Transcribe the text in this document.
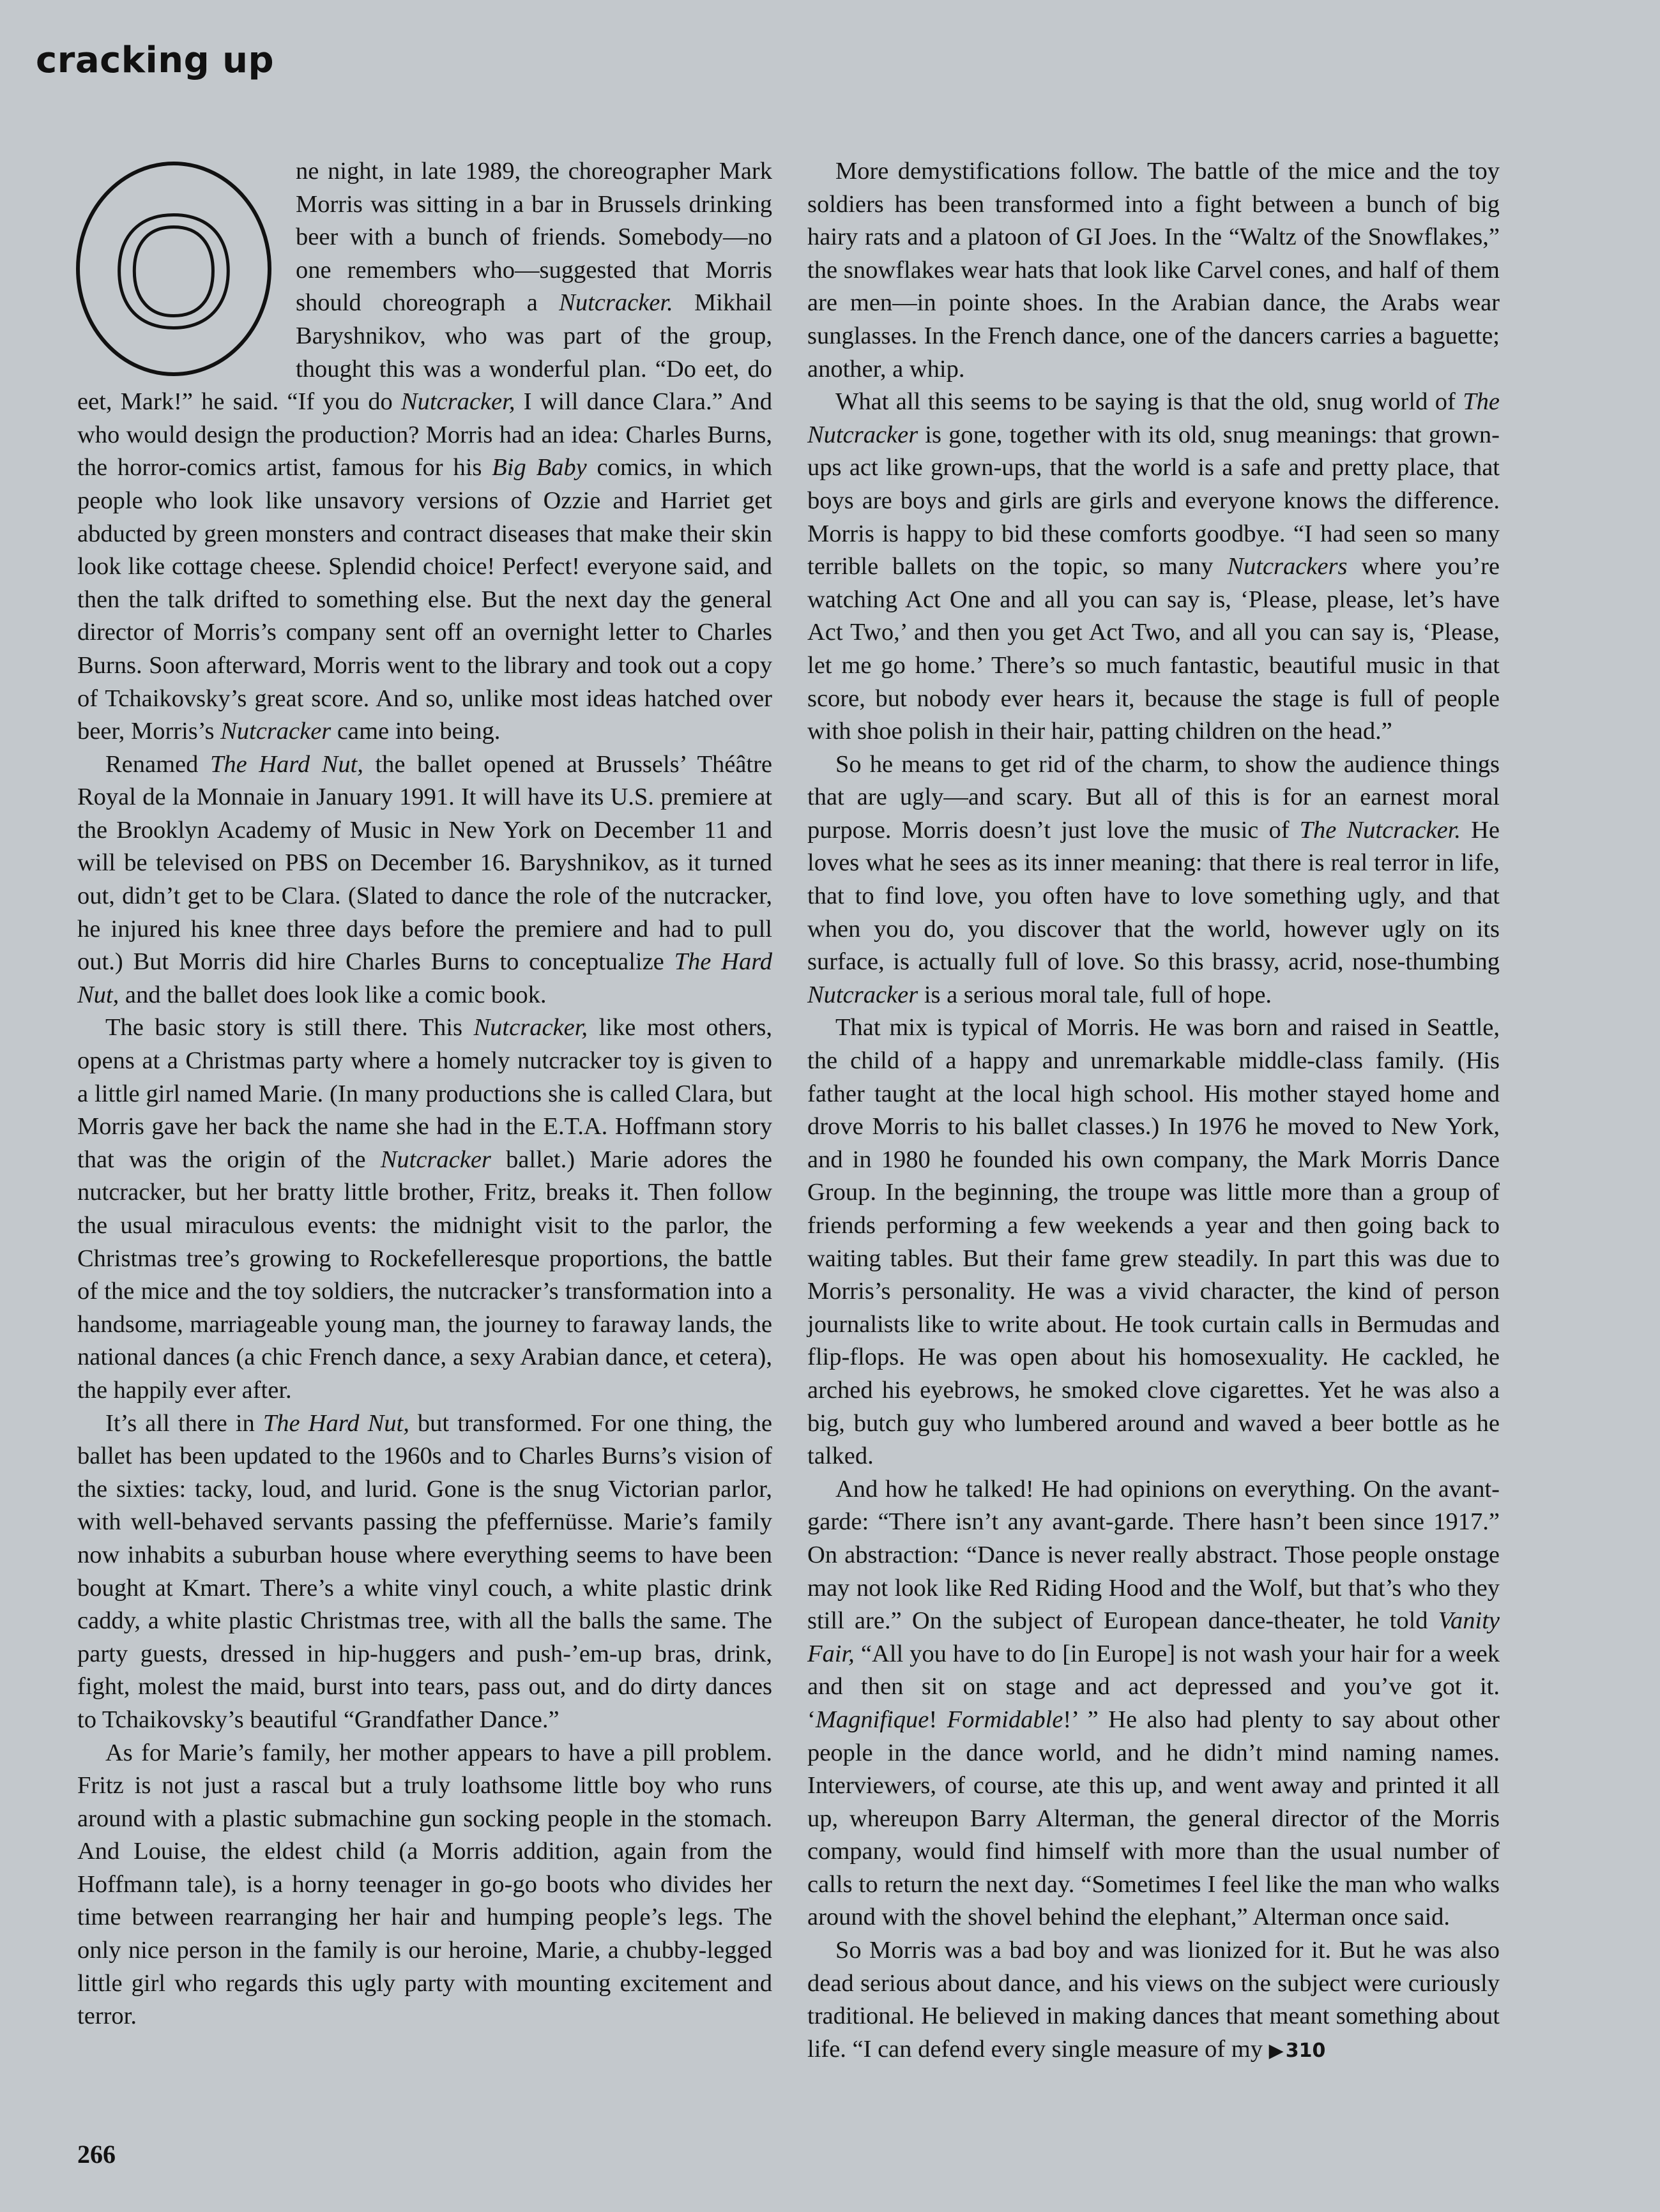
cracking up

O
ne night, in late 1989, the choreographer Mark Morris was sitting in a bar in Brussels drinking beer with a bunch of friends. Somebody—no one remembers who—suggested that Morris should choreograph a Nutcracker. Mikhail Baryshnikov, who was part of the group, thought this was a wonderful plan. “Do eet, do eet, Mark!” he said. “If you do Nutcracker, I will dance Clara.” And who would design the production? Morris had an idea: Charles Burns, the horror-comics artist, famous for his Big Baby comics, in which people who look like unsavory versions of Ozzie and Harriet get abducted by green monsters and contract diseases that make their skin look like cottage cheese. Splendid choice! Perfect! everyone said, and then the talk drifted to something else. But the next day the general director of Morris’s company sent off an overnight letter to Charles Burns. Soon afterward, Morris went to the library and took out a copy of Tchaikovsky’s great score. And so, unlike most ideas hatched over beer, Morris’s Nutcracker came into being.

Renamed The Hard Nut, the ballet opened at Brussels’ Théâtre Royal de la Monnaie in January 1991. It will have its U.S. premiere at the Brooklyn Academy of Music in New York on December 11 and will be televised on PBS on December 16. Baryshnikov, as it turned out, didn’t get to be Clara. (Slated to dance the role of the nutcracker, he injured his knee three days before the premiere and had to pull out.) But Morris did hire Charles Burns to conceptualize The Hard Nut, and the ballet does look like a comic book.

The basic story is still there. This Nutcracker, like most others, opens at a Christmas party where a homely nutcracker toy is given to a little girl named Marie. (In many productions she is called Clara, but Morris gave her back the name she had in the E.T.A. Hoffmann story that was the origin of the Nutcracker ballet.) Marie adores the nutcracker, but her bratty little brother, Fritz, breaks it. Then follow the usual miraculous events: the midnight visit to the parlor, the Christmas tree’s growing to Rockefelleresque proportions, the battle of the mice and the toy soldiers, the nutcracker’s transformation into a handsome, marriageable young man, the journey to faraway lands, the national dances (a chic French dance, a sexy Arabian dance, et cetera), the happily ever after.

It’s all there in The Hard Nut, but transformed. For one thing, the ballet has been updated to the 1960s and to Charles Burns’s vision of the sixties: tacky, loud, and lurid. Gone is the snug Victorian parlor, with well-behaved servants passing the pfeffernüsse. Marie’s family now inhabits a suburban house where everything seems to have been bought at Kmart. There’s a white vinyl couch, a white plastic drink caddy, a white plastic Christmas tree, with all the balls the same. The party guests, dressed in hip-huggers and push-’em-up bras, drink, fight, molest the maid, burst into tears, pass out, and do dirty dances to Tchaikovsky’s beautiful “Grandfather Dance.”

As for Marie’s family, her mother appears to have a pill problem. Fritz is not just a rascal but a truly loathsome little boy who runs around with a plastic submachine gun socking people in the stomach. And Louise, the eldest child (a Morris addition, again from the Hoffmann tale), is a horny teenager in go-go boots who divides her time between rearranging her hair and humping people’s legs. The only nice person in the family is our heroine, Marie, a chubby-legged little girl who regards this ugly party with mounting excitement and terror.

More demystifications follow. The battle of the mice and the toy soldiers has been transformed into a fight between a bunch of big hairy rats and a platoon of GI Joes. In the “Waltz of the Snowflakes,” the snowflakes wear hats that look like Carvel cones, and half of them are men—in pointe shoes. In the Arabian dance, the Arabs wear sunglasses. In the French dance, one of the dancers carries a baguette; another, a whip.

What all this seems to be saying is that the old, snug world of The Nutcracker is gone, together with its old, snug meanings: that grown-ups act like grown-ups, that the world is a safe and pretty place, that boys are boys and girls are girls and everyone knows the difference. Morris is happy to bid these comforts goodbye. “I had seen so many terrible ballets on the topic, so many Nutcrackers where you’re watching Act One and all you can say is, ‘Please, please, let’s have Act Two,’ and then you get Act Two, and all you can say is, ‘Please, let me go home.’ There’s so much fantastic, beautiful music in that score, but nobody ever hears it, because the stage is full of people with shoe polish in their hair, patting children on the head.”

So he means to get rid of the charm, to show the audience things that are ugly—and scary. But all of this is for an earnest moral purpose. Morris doesn’t just love the music of The Nutcracker. He loves what he sees as its inner meaning: that there is real terror in life, that to find love, you often have to love something ugly, and that when you do, you discover that the world, however ugly on its surface, is actually full of love. So this brassy, acrid, nose-thumbing Nutcracker is a serious moral tale, full of hope.

That mix is typical of Morris. He was born and raised in Seattle, the child of a happy and unremarkable middle-class family. (His father taught at the local high school. His mother stayed home and drove Morris to his ballet classes.) In 1976 he moved to New York, and in 1980 he founded his own company, the Mark Morris Dance Group. In the beginning, the troupe was little more than a group of friends performing a few weekends a year and then going back to waiting tables. But their fame grew steadily. In part this was due to Morris’s personality. He was a vivid character, the kind of person journalists like to write about. He took curtain calls in Bermudas and flip-flops. He was open about his homosexuality. He cackled, he arched his eyebrows, he smoked clove cigarettes. Yet he was also a big, butch guy who lumbered around and waved a beer bottle as he talked.

And how he talked! He had opinions on everything. On the avant-garde: “There isn’t any avant-garde. There hasn’t been since 1917.” On abstraction: “Dance is never really abstract. Those people onstage may not look like Red Riding Hood and the Wolf, but that’s who they still are.” On the subject of European dance-theater, he told Vanity Fair, “All you have to do [in Europe] is not wash your hair for a week and then sit on stage and act depressed and you’ve got it. ‘Magnifique! Formidable!’ ” He also had plenty to say about other people in the dance world, and he didn’t mind naming names. Interviewers, of course, ate this up, and went away and printed it all up, whereupon Barry Alterman, the general director of the Morris company, would find himself with more than the usual number of calls to return the next day. “Sometimes I feel like the man who walks around with the shovel behind the elephant,” Alterman once said.

So Morris was a bad boy and was lionized for it. But he was also dead serious about dance, and his views on the subject were curiously traditional. He believed in making dances that meant something about life. “I can defend every single measure of my ▶  310

266
